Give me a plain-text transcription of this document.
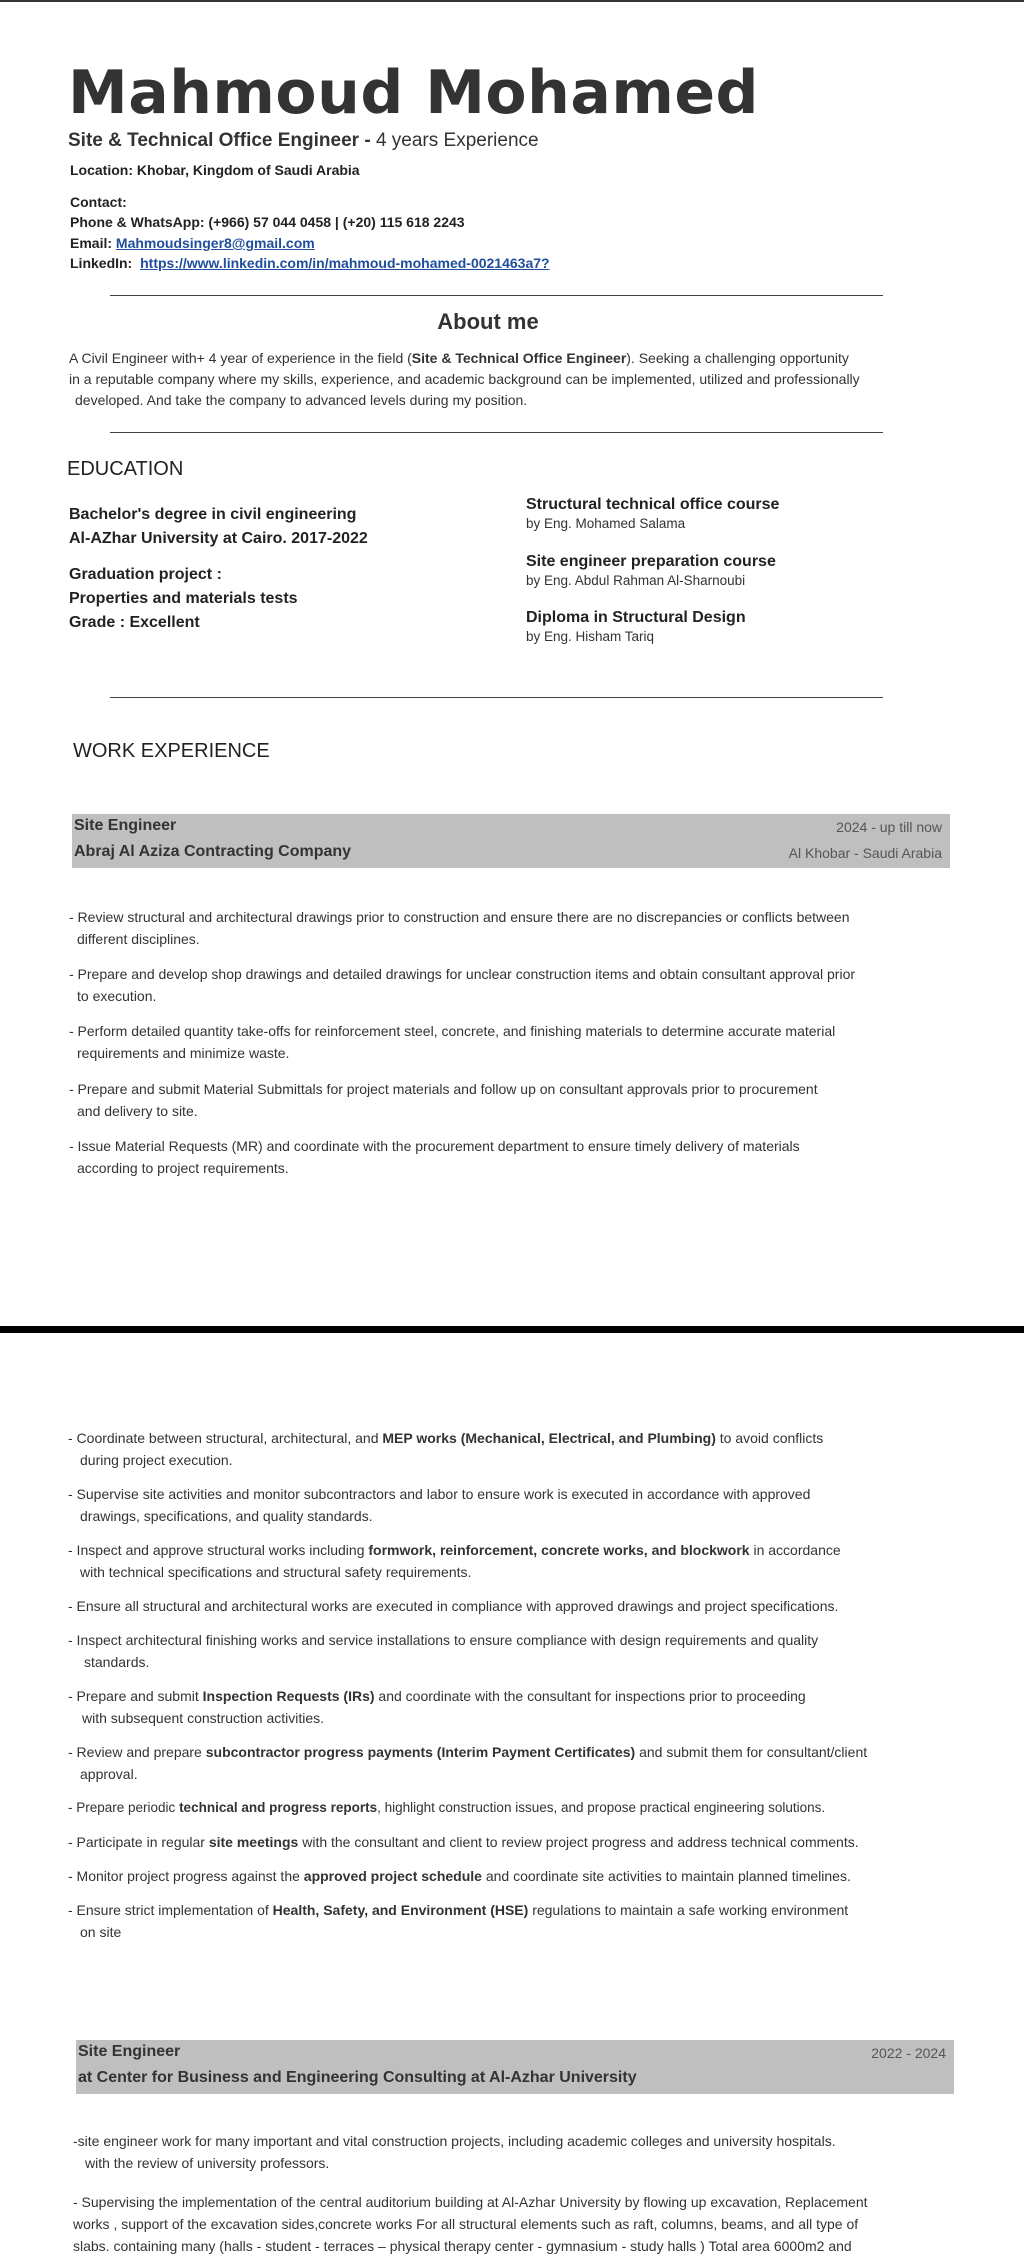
Mahmoud Mohamed
Site & Technical Office Engineer - 4 years Experience
Location: Khobar, Kingdom of Saudi Arabia
Contact:
Phone & WhatsApp: (+966) 57 044 0458 | (+20) 115 618 2243
Email: Mahmoudsinger8@gmail.com
LinkedIn: https://www.linkedin.com/in/mahmoud-mohamed-0021463a7?
About me
A Civil Engineer with+ 4 year of experience in the field (Site & Technical Office Engineer). Seeking a challenging opportunity
in a reputable company where my skills, experience, and academic background can be implemented, utilized and professionally
developed. And take the company to advanced levels during my position.
EDUCATION
Bachelor's degree in civil engineering
Al-AZhar University at Cairo. 2017-2022
Graduation project :
Properties and materials tests
Grade : Excellent
Structural technical office course
by Eng. Mohamed Salama
Site engineer preparation course
by Eng. Abdul Rahman Al-Sharnoubi
Diploma in Structural Design
by Eng. Hisham Tariq
WORK EXPERIENCE
Site Engineer
Abraj Al Aziza Contracting Company
2024 - up till now
Al Khobar - Saudi Arabia
- Review structural and architectural drawings prior to construction and ensure there are no discrepancies or conflicts between
different disciplines.
- Prepare and develop shop drawings and detailed drawings for unclear construction items and obtain consultant approval prior
to execution.
- Perform detailed quantity take-offs for reinforcement steel, concrete, and finishing materials to determine accurate material
requirements and minimize waste.
- Prepare and submit Material Submittals for project materials and follow up on consultant approvals prior to procurement
and delivery to site.
- Issue Material Requests (MR) and coordinate with the procurement department to ensure timely delivery of materials
according to project requirements.
- Coordinate between structural, architectural, and MEP works (Mechanical, Electrical, and Plumbing) to avoid conflicts
during project execution.
- Supervise site activities and monitor subcontractors and labor to ensure work is executed in accordance with approved
drawings, specifications, and quality standards.
- Inspect and approve structural works including formwork, reinforcement, concrete works, and blockwork in accordance
with technical specifications and structural safety requirements.
- Ensure all structural and architectural works are executed in compliance with approved drawings and project specifications.
- Inspect architectural finishing works and service installations to ensure compliance with design requirements and quality
standards.
- Prepare and submit Inspection Requests (IRs) and coordinate with the consultant for inspections prior to proceeding
with subsequent construction activities.
- Review and prepare subcontractor progress payments (Interim Payment Certificates) and submit them for consultant/client
approval.
- Prepare periodic technical and progress reports, highlight construction issues, and propose practical engineering solutions.
- Participate in regular site meetings with the consultant and client to review project progress and address technical comments.
- Monitor project progress against the approved project schedule and coordinate site activities to maintain planned timelines.
- Ensure strict implementation of Health, Safety, and Environment (HSE) regulations to maintain a safe working environment
on site
Site Engineer
at Center for Business and Engineering Consulting at Al-Azhar University
2022 - 2024
-site engineer work for many important and vital construction projects, including academic colleges and university hospitals.
with the review of university professors.
- Supervising the implementation of the central auditorium building at Al-Azhar University by flowing up excavation, Replacement
works , support of the excavation sides,concrete works For all structural elements such as raft, columns, beams, and all type of
slabs. containing many (halls - student - terraces – physical therapy center - gymnasium - study halls ) Total area 6000m2 and
